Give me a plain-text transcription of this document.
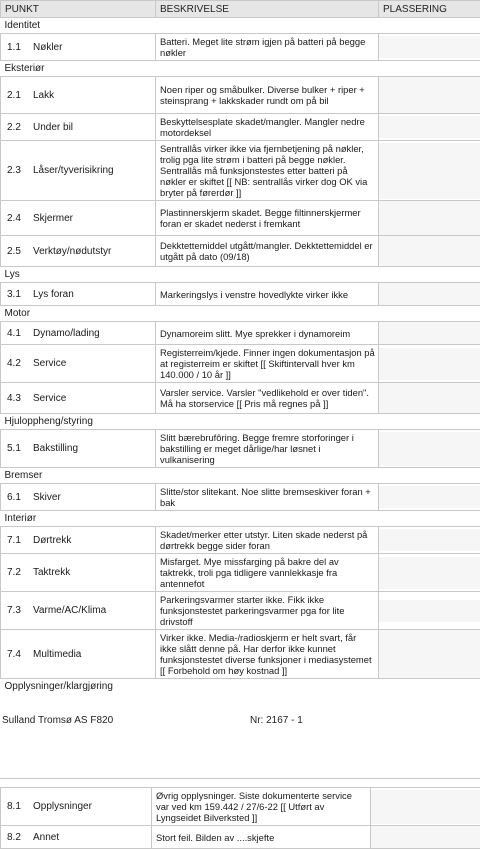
PUNKT	BESKRIVELSE	PLASSERING
Identitet		

1.1 Nøkler	Batteri. Meget lite strøm igjen på batteri på begge nøkler	

Eksteriør		

2.1 Lakk	Noen riper og småbulker. Diverse bulker + riper + steinsprang + lakkskader rundt om på bil	

2.2 Under bil	Beskyttelsesplate skadet/mangler. Mangler nedre motordeksel	

2.3 Låser/tyverisikring	Sentrallås virker ikke via fjernbetjening på nøkler, trolig pga lite strøm i batteri på begge nøkler. Sentrallås må funksjonstestes etter batteri på nøkler er skiftet [[ NB: sentrallås virker dog OK via bryter på førerdør ]]	

2.4 Skjermer	Plastinnerskjerm skadet. Begge filtinnerskjermer foran er skadet nederst i fremkant	

2.5 Verktøy/nødutstyr	Dekktettemiddel utgått/mangler. Dekktettemiddel er utgått på dato (09/18)	

Lys		

3.1 Lys foran	Markeringslys i venstre hovedlykte virker ikke	

Motor		

4.1 Dynamo/lading	Dynamoreim slitt. Mye sprekker i dynamoreim	

4.2 Service	Registerreim/kjede. Finner ingen dokumentasjon på at registerreim er skiftet [[ Skiftintervall hver km 140.000 / 10 år ]]	

4.3 Service	Varsler service. Varsler "vedlikehold er over tiden". Må ha storservice [[ Pris må regnes på ]]	

Hjuloppheng/styring		

5.1 Bakstilling	Slitt bærebrufôring. Begge fremre storforinger i bakstilling er meget dårlige/har løsnet i vulkanisering	

Bremser		

6.1 Skiver	Slitte/stor slitekant. Noe slitte bremseskiver foran + bak	

Interiør		

7.1 Dørtrekk	Skadet/merker etter utstyr. Liten skade nederst på dørtrekk begge sider foran	

7.2 Taktrekk	Misfarget. Mye missfarging på bakre del av taktrekk, troli pga tidligere vannlekkasje fra antennefot	

7.3 Varme/AC/Klima	Parkeringsvarmer starter ikke. Fikk ikke funksjonstestet parkeringsvarmer pga for lite drivstoff	

7.4 Multimedia	Virker ikke. Media-/radioskjerm er helt svart, får ikke slått denne på. Har derfor ikke kunnet funksjonstestet diverse funksjoner i mediasystemet [[ Forbehold om høy kostnad ]]	

Opplysninger/klargjøring		
Sulland Tromsø AS F820	Nr: 2167 - 1
8.1 Opplysninger	Øvrig opplysninger. Siste dokumenterte service var ved km 159.442 / 27/6-22 [[ Utført av Lyngseidet Bilverksted ]]	

8.2 Annet	Stort feil. Bilden av ....skjefte	
